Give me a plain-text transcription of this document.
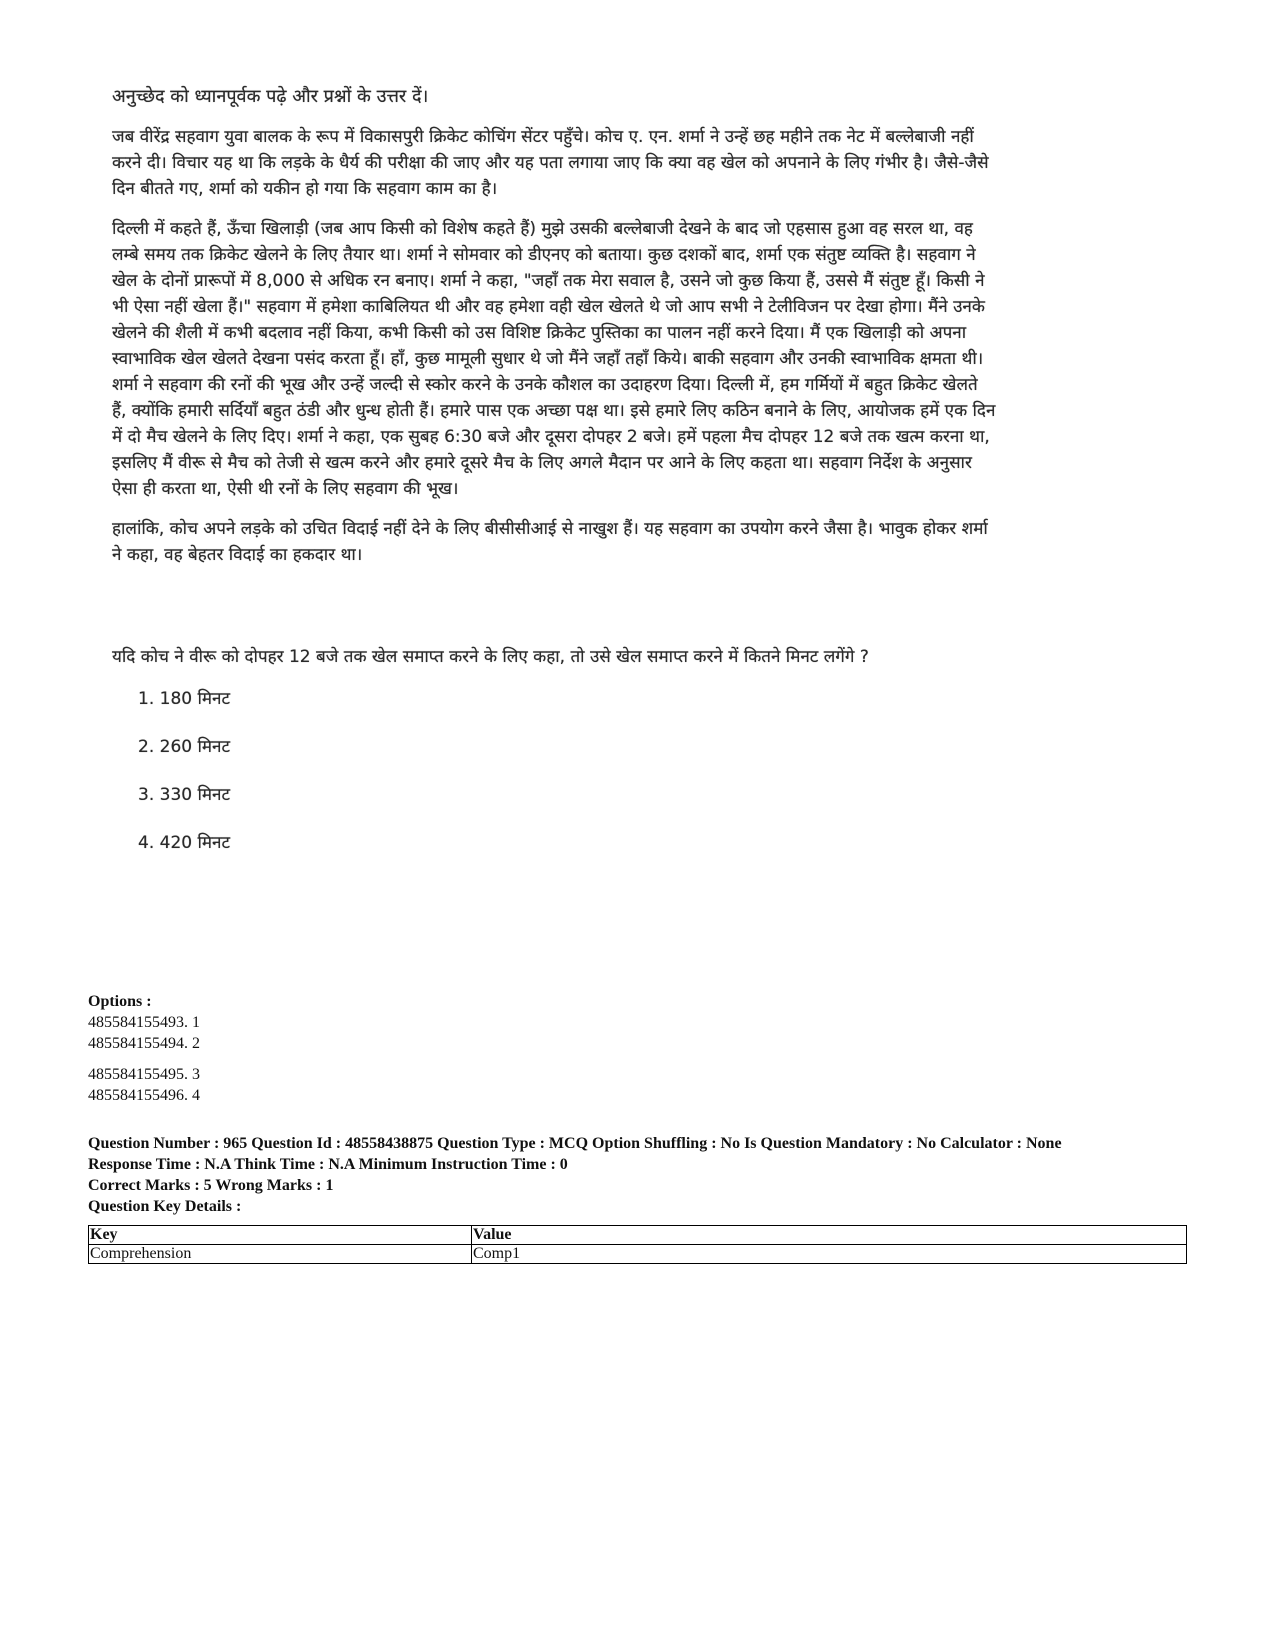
अनुच्छेद को ध्यानपूर्वक पढ़े और प्रश्नों के उत्तर दें।

जब वीरेंद्र सहवाग युवा बालक के रूप में विकासपुरी क्रिकेट कोचिंग सेंटर पहुँचे। कोच ए. एन. शर्मा ने उन्हें छह महीने तक नेट में बल्लेबाजी नहीं करने दी। विचार यह था कि लड़के के धैर्य की परीक्षा की जाए और यह पता लगाया जाए कि क्या वह खेल को अपनाने के लिए गंभीर है। जैसे-जैसे दिन बीतते गए, शर्मा को यकीन हो गया कि सहवाग काम का है।

दिल्ली में कहते हैं, ऊँचा खिलाड़ी (जब आप किसी को विशेष कहते हैं) मुझे उसकी बल्लेबाजी देखने के बाद जो एहसास हुआ वह सरल था, वह लम्बे समय तक क्रिकेट खेलने के लिए तैयार था। शर्मा ने सोमवार को डीएनए को बताया। कुछ दशकों बाद, शर्मा एक संतुष्ट व्यक्ति है। सहवाग ने खेल के दोनों प्रारूपों में 8,000 से अधिक रन बनाए। शर्मा ने कहा, "जहाँ तक मेरा सवाल है, उसने जो कुछ किया हैं, उससे मैं संतुष्ट हूँ। किसी ने भी ऐसा नहीं खेला हैं।" सहवाग में हमेशा काबिलियत थी और वह हमेशा वही खेल खेलते थे जो आप सभी ने टेलीविजन पर देखा होगा। मैंने उनके खेलने की शैली में कभी बदलाव नहीं किया, कभी किसी को उस विशिष्ट क्रिकेट पुस्तिका का पालन नहीं करने दिया। मैं एक खिलाड़ी को अपना स्वाभाविक खेल खेलते देखना पसंद करता हूँ। हाँ, कुछ मामूली सुधार थे जो मैंने जहाँ तहाँ किये। बाकी सहवाग और उनकी स्वाभाविक क्षमता थी। शर्मा ने सहवाग की रनों की भूख और उन्हें जल्दी से स्कोर करने के उनके कौशल का उदाहरण दिया। दिल्ली में, हम गर्मियों में बहुत क्रिकेट खेलते हैं, क्योंकि हमारी सर्दियाँ बहुत ठंडी और धुन्ध होती हैं। हमारे पास एक अच्छा पक्ष था। इसे हमारे लिए कठिन बनाने के लिए, आयोजक हमें एक दिन में दो मैच खेलने के लिए दिए। शर्मा ने कहा, एक सुबह 6:30 बजे और दूसरा दोपहर 2 बजे। हमें पहला मैच दोपहर 12 बजे तक खत्म करना था, इसलिए मैं वीरू से मैच को तेजी से खत्म करने और हमारे दूसरे मैच के लिए अगले मैदान पर आने के लिए कहता था। सहवाग निर्देश के अनुसार ऐसा ही करता था, ऐसी थी रनों के लिए सहवाग की भूख।

हालांकि, कोच अपने लड़के को उचित विदाई नहीं देने के लिए बीसीसीआई से नाखुश हैं। यह सहवाग का उपयोग करने जैसा है। भावुक होकर शर्मा ने कहा, वह बेहतर विदाई का हकदार था।

यदि कोच ने वीरू को दोपहर 12 बजे तक खेल समाप्त करने के लिए कहा, तो उसे खेल समाप्त करने में कितने मिनट लगेंगे ?

1. 180 मिनट
2. 260 मिनट
3. 330 मिनट
4. 420 मिनट
Options :
485584155493. 1
485584155494. 2
485584155495. 3
485584155496. 4
Question Number : 965 Question Id : 48558438875 Question Type : MCQ Option Shuffling : No Is Question Mandatory : No Calculator : None
Response Time : N.A Think Time : N.A Minimum Instruction Time : 0
Correct Marks : 5 Wrong Marks : 1
Question Key Details :
Key	Value
Comprehension	Comp1
